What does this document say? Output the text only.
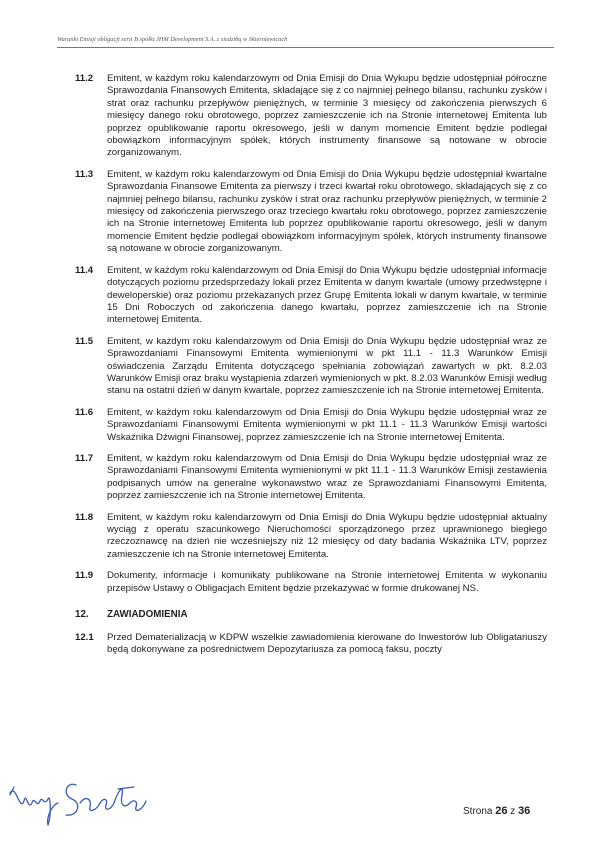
Warunki Emisji obligacji serii B spółki JHM Development S.A. z siedzibą w Skierniewicach
11.2	Emitent, w każdym roku kalendarzowym od Dnia Emisji do Dnia Wykupu będzie udostępniał półroczne Sprawozdania Finansowych Emitenta, składające się z co najmniej pełnego bilansu, rachunku zysków i strat oraz rachunku przepływów pieniężnych, w terminie 3 miesięcy od zakończenia pierwszych 6 miesięcy danego roku obrotowego, poprzez zamieszczenie ich na Stronie internetowej Emitenta lub poprzez opublikowanie raportu okresowego, jeśli w danym momencie Emitent będzie podlegał obowiązkom informacyjnym spółek, których instrumenty finansowe są notowane w obrocie zorganizowanym.
11.3	Emitent, w każdym roku kalendarzowym od Dnia Emisji do Dnia Wykupu będzie udostępniał kwartalne Sprawozdania Finansowe Emitenta za pierwszy i trzeci kwartał roku obrotowego, składających się z co najmniej pełnego bilansu, rachunku zysków i strat oraz rachunku przepływów pieniężnych, w terminie 2 miesięcy od zakończenia pierwszego oraz trzeciego kwartału roku obrotowego, poprzez zamieszczenie ich na Stronie internetowej Emitenta lub poprzez opublikowanie raportu okresowego, jeśli w danym momencie Emitent będzie podlegał obowiązkom informacyjnym spółek, których instrumenty finansowe są notowane w obrocie zorganizowanym.
11.4	Emitent, w każdym roku kalendarzowym od Dnia Emisji do Dnia Wykupu będzie udostępniał informacje dotyczących poziomu przedsprzedaży lokali przez Emitenta w danym kwartale (umowy przedwstępne i deweloperskie) oraz poziomu przekazanych przez Grupę Emitenta lokali w danym kwartale, w terminie 15 Dni Roboczych od zakończenia danego kwartału, poprzez zamieszczenie ich na Stronie internetowej Emitenta.
11.5	Emitent, w każdym roku kalendarzowym od Dnia Emisji do Dnia Wykupu będzie udostępniał wraz ze Sprawozdaniami Finansowymi Emitenta wymienionymi w pkt 11.1 - 11.3 Warunków Emisji oświadczenia Zarządu Emitenta dotyczącego spełniania zobowiązań zawartych w pkt. 8.2.03 Warunków Emisji oraz braku wystąpienia zdarzeń wymienionych w pkt. 8.2.03 Warunków Emisji według stanu na ostatni dzień w danym kwartale, poprzez zamieszczenie ich na Stronie internetowej Emitenta.
11.6	Emitent, w każdym roku kalendarzowym od Dnia Emisji do Dnia Wykupu będzie udostępniał wraz ze Sprawozdaniami Finansowymi Emitenta wymienionymi w pkt 11.1 - 11.3 Warunków Emisji wartości Wskaźnika Dźwigni Finansowej, poprzez zamieszczenie ich na Stronie internetowej Emitenta.
11.7	Emitent, w każdym roku kalendarzowym od Dnia Emisji do Dnia Wykupu będzie udostępniał wraz ze Sprawozdaniami Finansowymi Emitenta wymienionymi w pkt 11.1 - 11.3 Warunków Emisji zestawienia podpisanych umów na generalne wykonawstwo wraz ze Sprawozdaniami Finansowymi Emitenta, poprzez zamieszczenie ich na Stronie internetowej Emitenta.
11.8	Emitent, w każdym roku kalendarzowym od Dnia Emisji do Dnia Wykupu będzie udostępniał aktualny wyciąg z operatu szacunkowego Nieruchomości sporządzonego przez uprawnionego biegłego rzeczoznawcę na dzień nie wcześniejszy niż 12 miesięcy od daty badania Wskaźnika LTV, poprzez zamieszczenie ich na Stronie internetowej Emitenta.
11.9	Dokumenty, informacje i komunikaty publikowane na Stronie internetowej Emitenta w wykonaniu przepisów Ustawy o Obligacjach Emitent będzie przekazywać w formie drukowanej NS.
12.	ZAWIADOMIENIA
12.1	Przed Dematerializacją w KDPW wszelkie zawiadomienia kierowane do Inwestorów lub Obligatariuszy będą dokonywane za pośrednictwem Depozytariusza za pomocą faksu, poczty
Strona 26 z 36
